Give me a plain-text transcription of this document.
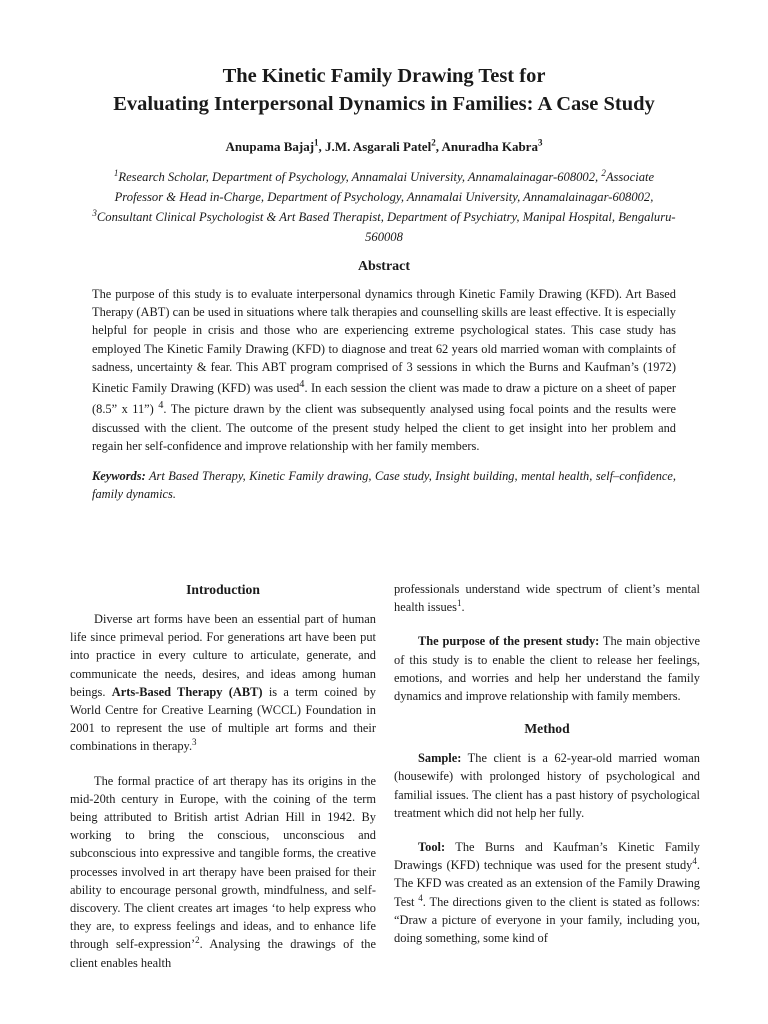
The Kinetic Family Drawing Test for
Evaluating Interpersonal Dynamics in Families: A Case Study
Anupama Bajaj$^1$, J.M. Asgarali Patel$^2$, Anuradha Kabra$^3$
$^1$Research Scholar, Department of Psychology, Annamalai University, Annamalainagar-608002, $^2$Associate Professor & Head in-Charge, Department of Psychology, Annamalai University, Annamalainagar-608002, $^3$Consultant Clinical Psychologist & Art Based Therapist, Department of Psychiatry, Manipal Hospital, Bengaluru-560008
Abstract
The purpose of this study is to evaluate interpersonal dynamics through Kinetic Family Drawing (KFD). Art Based Therapy (ABT) can be used in situations where talk therapies and counselling skills are least effective. It is especially helpful for people in crisis and those who are experiencing extreme psychological states. This case study has employed The Kinetic Family Drawing (KFD) to diagnose and treat 62 years old married woman with complaints of sadness, uncertainty & fear. This ABT program comprised of 3 sessions in which the Burns and Kaufman’s (1972) Kinetic Family Drawing (KFD) was used$^4$. In each session the client was made to draw a picture on a sheet of paper (8.5” x 11”) $^4$. The picture drawn by the client was subsequently analysed using focal points and the results were discussed with the client. The outcome of the present study helped the client to get insight into her problem and regain her self-confidence and improve relationship with her family members.
Keywords: Art Based Therapy, Kinetic Family drawing, Case study, Insight building, mental health, self–confidence, family dynamics.
Introduction

Diverse art forms have been an essential part of human life since primeval period. For generations art have been put into practice in every culture to articulate, generate, and communicate the needs, desires, and ideas among human beings. Arts-Based Therapy (ABT) is a term coined by World Centre for Creative Learning (WCCL) Foundation in 2001 to represent the use of multiple art forms and their combinations in therapy.$^3$

The formal practice of art therapy has its origins in the mid-20th century in Europe, with the coining of the term being attributed to British artist Adrian Hill in 1942. By working to bring the conscious, unconscious and subconscious into expressive and tangible forms, the creative processes involved in art therapy have been praised for their ability to encourage personal growth, mindfulness, and self-discovery. The client creates art images ‘to help express who they are, to express feelings and ideas, and to enhance life through self-expression’$^2$. Analysing the drawings of the client enables health

professionals understand wide spectrum of client’s mental health issues$^1$.

The purpose of the present study: The main objective of this study is to enable the client to release her feelings, emotions, and worries and help her understand the family dynamics and improve relationship with family members.

Method

Sample: The client is a 62-year-old married woman (housewife) with prolonged history of psychological and familial issues. The client has a past history of psychological treatment which did not help her fully.

Tool: The Burns and Kaufman’s Kinetic Family Drawings (KFD) technique was used for the present study$^4$. The KFD was created as an extension of the Family Drawing Test $^4$. The directions given to the client is stated as follows: “Draw a picture of everyone in your family, including you, doing something, some kind of
